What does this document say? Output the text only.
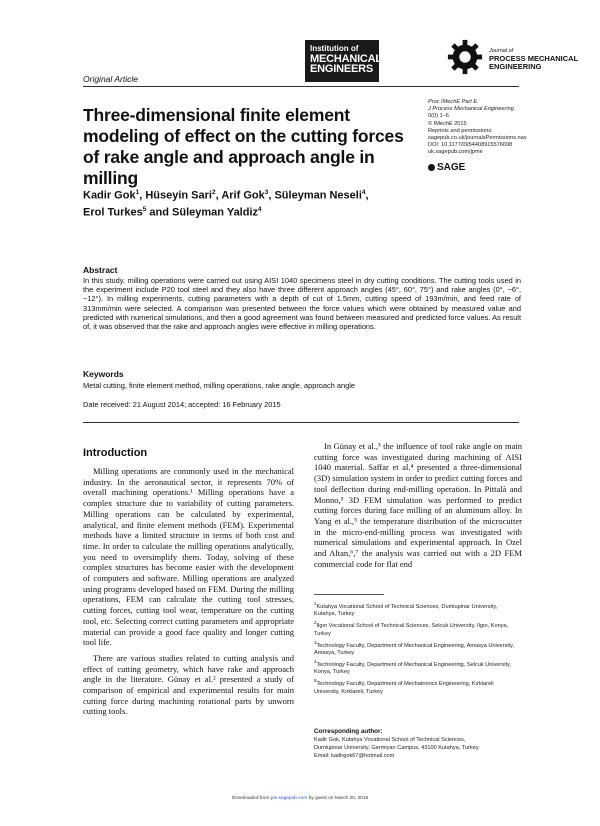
Institution of
MECHANICAL
ENGINEERS
Journal of
PROCESS MECHANICAL
ENGINEERING
Original Article
Three-dimensional finite element modeling of effect on the cutting forces of rake angle and approach angle in milling
Proc IMechE Part E:
J Process Mechanical Engineering
0(0) 1–6
© IMechE 2015
Reprints and permissions:
sagepub.co.uk/journalsPermissions.nav
DOI: 10.1177/0954408915576698
uk.sagepub.com/jpme
SAGE
Kadir Gok$^1$, Hüseyin Sari$^2$, Arif Gok$^3$, Süleyman Neseli$^4$,
Erol Turkes$^5$ and Süleyman Yaldiz$^4$
Abstract
In this study, milling operations were carried out using AISI 1040 specimens steel in dry cutting conditions. The cutting tools used in the experiment include P20 tool steel and they also have three different approach angles (45°, 60°, 75°) and rake angles (0°, −6°, −12°). In milling experiments, cutting parameters with a depth of cut of 1.5mm, cutting speed of 193m/min, and feed rate of 313mm/min were selected. A comparison was presented between the force values which were obtained by measured value and predicted with numerical simulations, and then a good agreement was found between measured and predicted force values. As result of, it was observed that the rake and approach angles were effective in milling operations.
Keywords
Metal cutting, finite element method, milling operations, rake angle, approach angle
Date received: 21 August 2014; accepted: 16 February 2015
Introduction

Milling operations are commonly used in the mechanical industry. In the aeronautical sector, it represents 70% of overall machining operations.¹ Milling operations have a complex structure due to variability of cutting parameters. Milling operations can be calculated by experimental, analytical, and finite element methods (FEM). Experimental methods have a limited structure in terms of both cost and time. In order to calculate the milling operations analytically, you need to oversimplify them. Today, solving of these complex structures has become easier with the development of computers and software. Milling operations are analyzed using programs developed based on FEM. During the milling operations, FEM can calculate the cutting tool stresses, cutting forces, cutting tool wear, temperature on the cutting tool, etc. Selecting correct cutting parameters and appropriate material can provide a good face quality and longer cutting tool life.

There are various studies related to cutting analysis and effect of cutting geometry, which have rake and approach angle in the literature. Günay et al.² presented a study of comparison of empirical and experimental results for main cutting force during machining rotational parts by unworn cutting tools.

In Günay et al.,³ the influence of tool rake angle on main cutting force was investigated during machining of AISI 1040 material. Saffar et al.⁴ presented a three-dimensional (3D) simulation system in order to predict cutting forces and tool deflection during end-milling operation. In Pittalà and Monno,⁵ 3D FEM simulation was performed to predict cutting forces during face milling of an aluminum alloy. In Yang et al.,⁵ the temperature distribution of the microcutter in the micro-end-milling process was investigated with numerical simulations and experimental approach. In Ozel and Altan,⁶,⁷ the analysis was carried out with a 2D FEM commercial code for flat end

$^1$Kutahya Vocational School of Technical Sciences, Dumlupinar University, Kutahya, Turkey
$^2$Ilgın Vocational School of Technical Sciences, Selcuk University, Ilgın, Konya, Turkey
$^3$Technology Faculty, Department of Mechanical Engineering, Amasya University, Amasya, Turkey
$^4$Technology Faculty, Department of Mechanical Engineering, Selcuk University, Konya, Turkey
$^5$Technology Faculty, Department of Mechatronics Engineering, Kırklareli University, Kırklareli, Turkey
Corresponding author:
Kadir Gok, Kutahya Vocational School of Technical Sciences,
Dumlupinar University, Germiyan Campus, 43100 Kutahya, Turkey.
Email: kadirgok67@hotmail.com
Downloaded from pie.sagepub.com by guest on March 20, 2015
